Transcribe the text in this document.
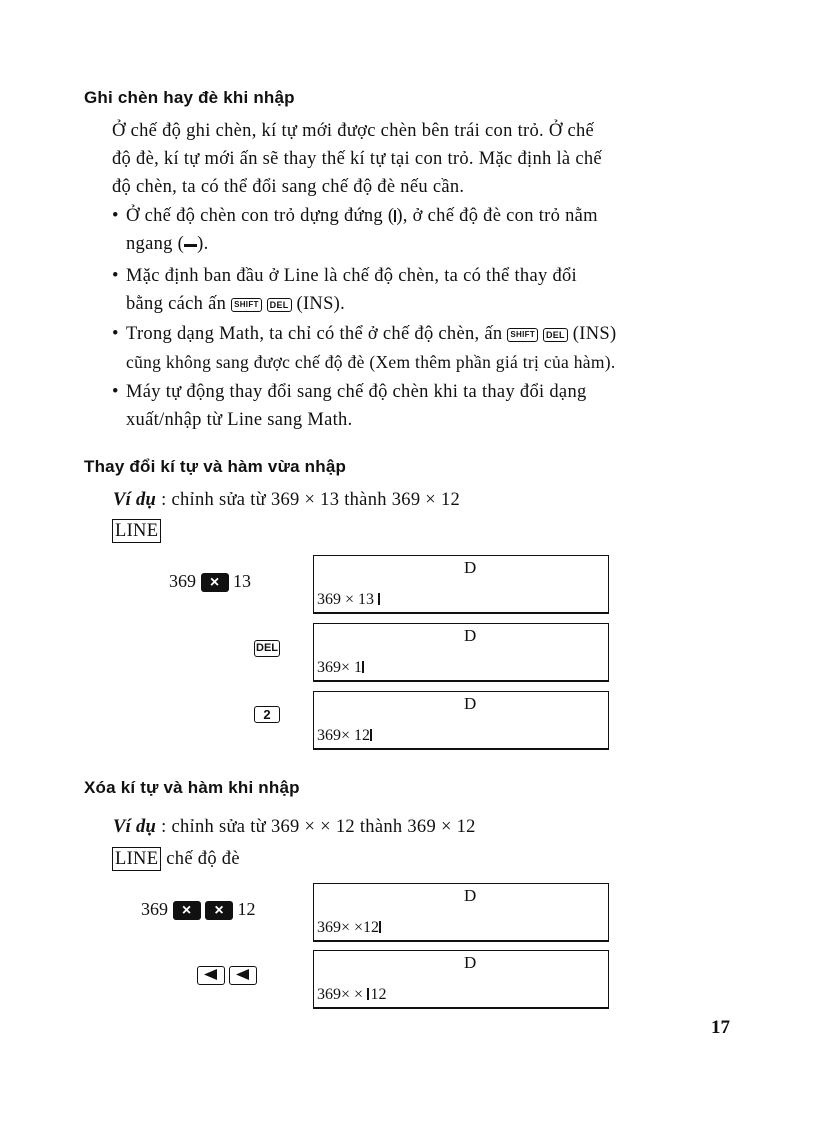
Ghi chèn hay đè khi nhập
Ở chế độ ghi chèn, kí tự mới được chèn bên trái con trỏ. Ở chế
độ đè, kí tự mới ấn sẽ thay thế kí tự tại con trỏ. Mặc định là chế
độ chèn, ta có thể đổi sang chế độ đè nếu cần.
• Ở chế độ chèn con trỏ dựng đứng ( ), ở chế độ đè con trỏ nằm
ngang ( ).
• Mặc định ban đầu ở Line là chế độ chèn, ta có thể thay đổi
bằng cách ấn SHIFT DEL (INS).
• Trong dạng Math, ta chỉ có thể ở chế độ chèn, ấn SHIFT DEL (INS)
cũng không sang được chế độ đè (Xem thêm phần giá trị của hàm).
• Máy tự động thay đổi sang chế độ chèn khi ta thay đổi dạng
xuất/nhập từ Line sang Math.
Thay đổi kí tự và hàm vừa nhập
Ví dụ : chỉnh sửa từ 369 × 13 thành 369 × 12
LINE
369 × 13
D
369 × 13
DEL
D
369× 1
2
D
369× 12
Xóa kí tự và hàm khi nhập
Ví dụ : chỉnh sửa từ 369 × × 12 thành 369 × 12
LINE chế độ đè
369 × × 12
D
369× ×12

D
369× × 12
17
